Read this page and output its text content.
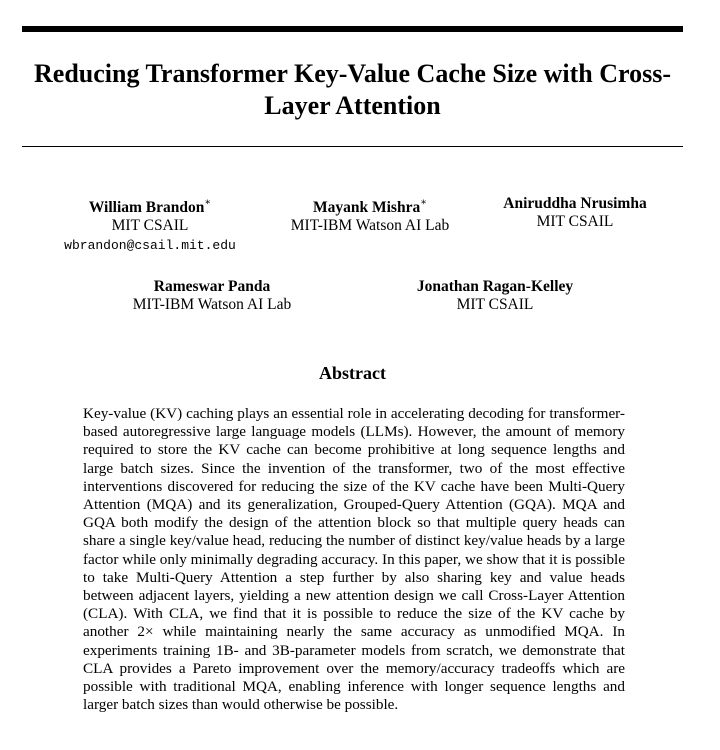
Reducing Transformer Key-Value Cache Size with Cross-Layer Attention
William Brandon∗
MIT CSAIL
wbrandon@csail.mit.edu
Mayank Mishra∗
MIT-IBM Watson AI Lab
Aniruddha Nrusimha
MIT CSAIL
Rameswar Panda
MIT-IBM Watson AI Lab
Jonathan Ragan-Kelley
MIT CSAIL
Abstract

Key-value (KV) caching plays an essential role in accelerating decoding for transformer-based autoregressive large language models (LLMs). However, the amount of memory required to store the KV cache can become prohibitive at long sequence lengths and large batch sizes. Since the invention of the transformer, two of the most effective interventions discovered for reducing the size of the KV cache have been Multi-Query Attention (MQA) and its generalization, Grouped-Query Attention (GQA). MQA and GQA both modify the design of the attention block so that multiple query heads can share a single key/value head, reducing the number of distinct key/value heads by a large factor while only minimally degrading accuracy. In this paper, we show that it is possible to take Multi-Query Attention a step further by also sharing key and value heads between adjacent layers, yielding a new attention design we call Cross-Layer Attention (CLA). With CLA, we find that it is possible to reduce the size of the KV cache by another 2× while maintaining nearly the same accuracy as unmodified MQA. In experiments training 1B- and 3B-parameter models from scratch, we demonstrate that CLA provides a Pareto improvement over the memory/accuracy tradeoffs which are possible with traditional MQA, enabling inference with longer sequence lengths and larger batch sizes than would otherwise be possible.
